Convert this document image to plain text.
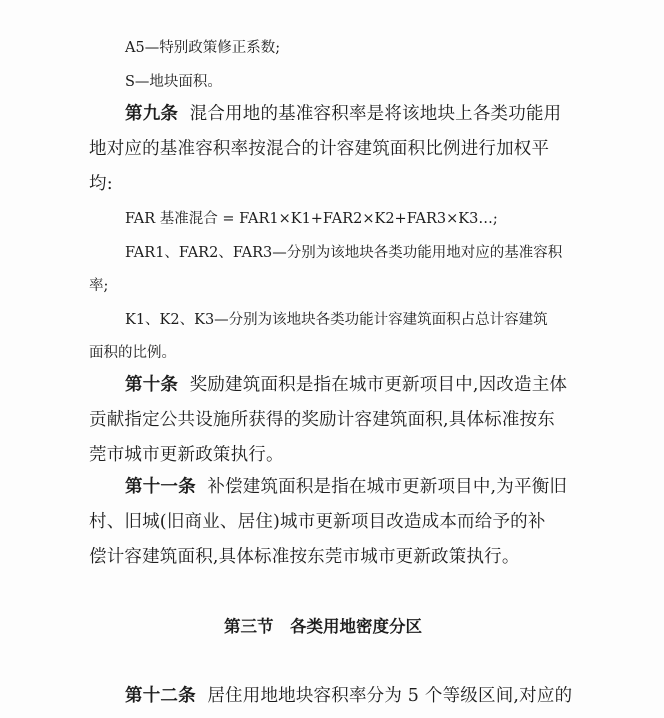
A5—特别政策修正系数;
S—地块面积。
第九条 混合用地的基准容积率是将该地块上各类功能用
地对应的基准容积率按混合的计容建筑面积比例进行加权平
均:
FAR 基准混合 = FAR1×K1+FAR2×K2+FAR3×K3…;
FAR1、FAR2、FAR3—分别为该地块各类功能用地对应的基准容积
率;
K1、K2、K3—分别为该地块各类功能计容建筑面积占总计容建筑
面积的比例。
第十条 奖励建筑面积是指在城市更新项目中,因改造主体
贡献指定公共设施所获得的奖励计容建筑面积,具体标准按东
莞市城市更新政策执行。
第十一条 补偿建筑面积是指在城市更新项目中,为平衡旧
村、旧城(旧商业、居住)城市更新项目改造成本而给予的补
偿计容建筑面积,具体标准按东莞市城市更新政策执行。
第三节　各类用地密度分区
第十二条 居住用地地块容积率分为 5 个等级区间,对应的
